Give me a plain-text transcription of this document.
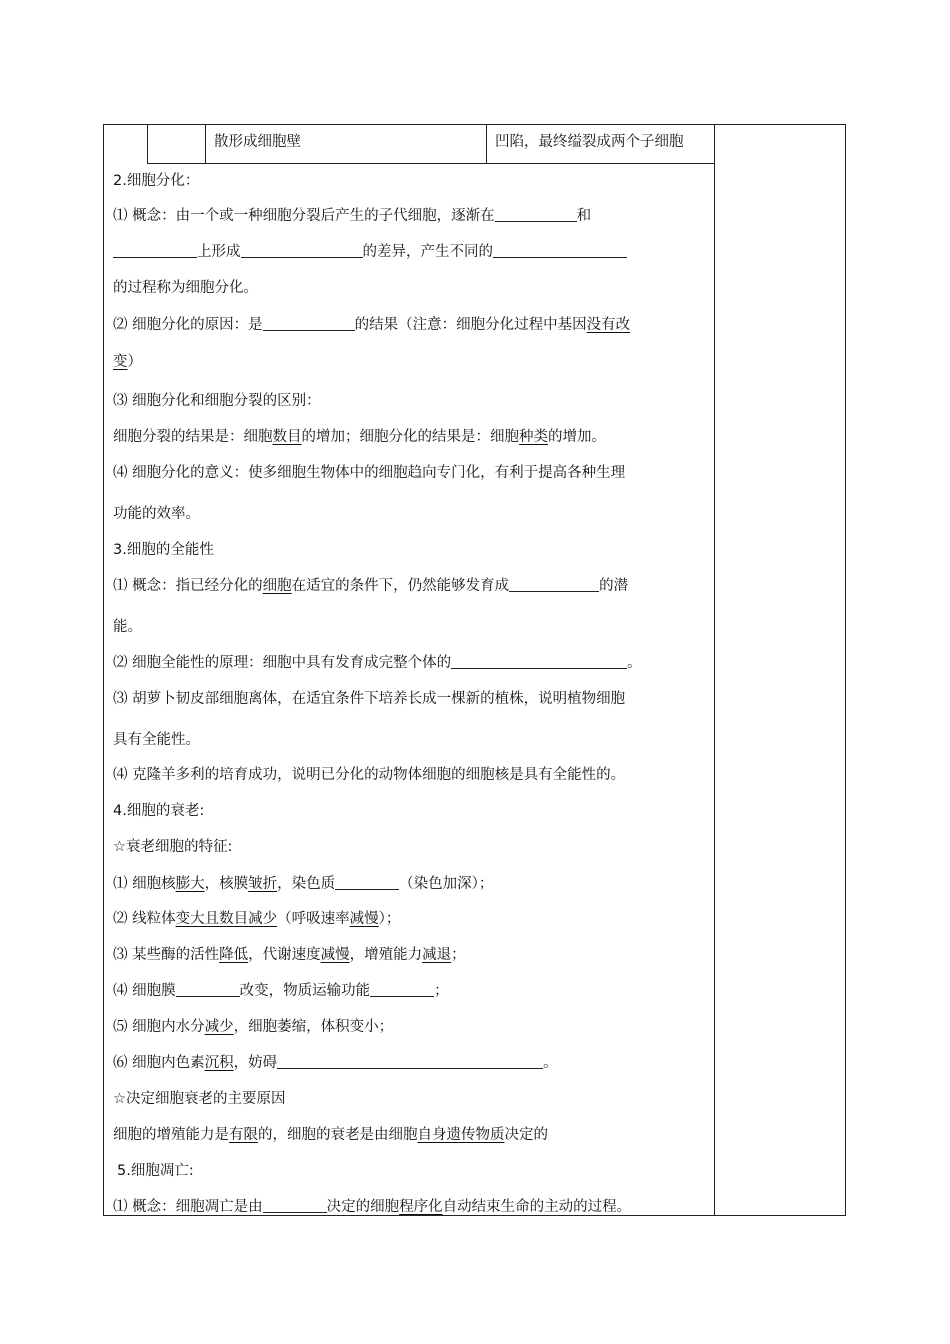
散形成细胞壁	凹陷，最终缢裂成两个子细胞
2.细胞分化：
⑴ 概念：由一个或一种细胞分裂后产生的子代细胞，逐渐在	和
上形成	的差异，产生不同的
的过程称为细胞分化。
⑵ 细胞分化的原因：是	的结果（注意：细胞分化过程中基因没有改
变）
⑶ 细胞分化和细胞分裂的区别：
细胞分裂的结果是：细胞数目的增加；细胞分化的结果是：细胞种类的增加。
⑷ 细胞分化的意义：使多细胞生物体中的细胞趋向专门化，有利于提高各种生理
功能的效率。
3.细胞的全能性
⑴ 概念：指已经分化的细胞在适宜的条件下，仍然能够发育成	的潜
能。
⑵ 细胞全能性的原理：细胞中具有发育成完整个体的	。
⑶ 胡萝卜韧皮部细胞离体，在适宜条件下培养长成一棵新的植株，说明植物细胞
具有全能性。
⑷ 克隆羊多利的培育成功，说明已分化的动物体细胞的细胞核是具有全能性的。
4.细胞的衰老:
☆衰老细胞的特征:
⑴ 细胞核膨大，核膜皱折，染色质	（染色加深）；
⑵ 线粒体变大且数目减少（呼吸速率减慢）；
⑶ 某些酶的活性降低，代谢速度减慢，增殖能力减退；
⑷ 细胞膜	改变，物质运输功能	；
⑸ 细胞内水分减少，细胞萎缩，体积变小；
⑹ 细胞内色素沉积，妨碍	。
☆决定细胞衰老的主要原因
细胞的增殖能力是有限的，细胞的衰老是由细胞自身遗传物质决定的
5.细胞凋亡:
⑴ 概念：细胞凋亡是由	决定的细胞程序化自动结束生命的主动的过程。
